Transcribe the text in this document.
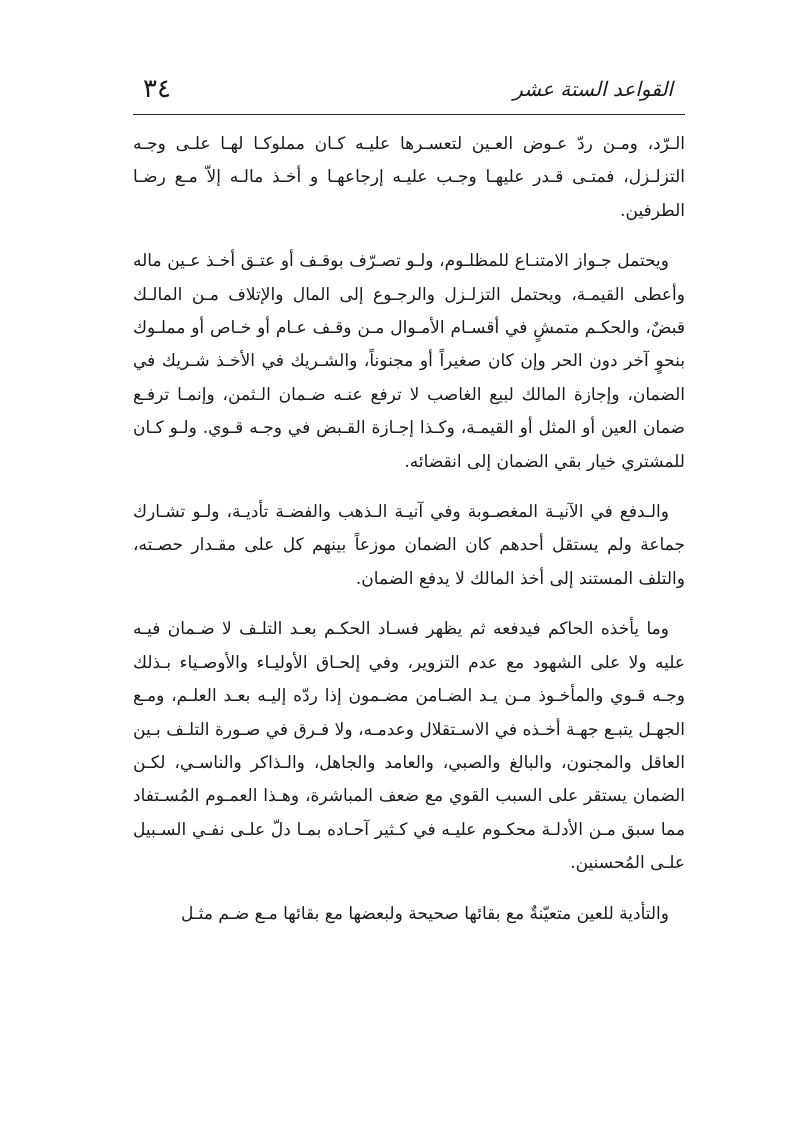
٣٤	القواعد الستة عشر

الـرّد، ومـن ردّ عـوض العـين لتعسـرها عليـه كـان مملوكـا لهـا علـى وجـه التزلـزل، فمتـى قـدر عليهـا وجـب عليـه إرجاعهـا و أخـذ مالـه إلاّ مـع رضـا الطرفين.

ويحتمل جـواز الامتنـاع للمظلـوم، ولـو تصـرّف بوقـف أو عتـق أخـذ عـين ماله وأعطى القيمـة، ويحتمل التزلـزل والرجـوع إلى المال والإتلاف مـن المالـك قبضٌ، والحكـم متمشٍ في أقسـام الأمـوال مـن وقـف عـام أو خـاص أو مملـوك بنحوٍ آخر دون الحر وإن كان صغيراً أو مجنوناً، والشـريك في الأخـذ شـريك في الضمان، وإجازة المالك لبيع الغاصب لا ترفع عنـه ضـمان الـثمن، وإنمـا ترفـع ضمان العين أو المثل أو القيمـة، وكـذا إجـازة القـبض في وجـه قـوي. ولـو كـان للمشتري خيار بقي الضمان إلى انقضائه.

والـدفع في الآنيـة المغصـوبة وفي آنيـة الـذهب والفضـة تأديـة، ولـو تشـارك جماعة ولم يستقل أحدهم كان الضمان موزعاً بينهم كل على مقـدار حصـته، والتلف المستند إلى أخذ المالك لا يدفع الضمان.

وما يأخذه الحاكم فيدفعه ثم يظهر فسـاد الحكـم بعـد التلـف لا ضـمان فيـه عليه ولا على الشهود مع عدم التزوير، وفي إلحـاق الأوليـاء والأوصـياء بـذلك وجـه قـوي والمأخـوذ مـن يـد الضـامن مضـمون إذا ردّه إليـه بعـد العلـم، ومـع الجهـل يتبـع جهـة أخـذه في الاسـتقلال وعدمـه، ولا فـرق في صـورة التلـف بـين العاقل والمجنون، والبالغ والصبي، والعامد والجاهل، والـذاكر والناسـي، لكـن الضمان يستقر على السبب القوي مع ضعف المباشرة، وهـذا العمـوم المُسـتفاد مما سبق مـن الأدلـة محكـوم عليـه في كـثير آحـاده بمـا دلّ علـى نفـي السـبيل علـى المُحسنين.

والتأدية للعين متعيّنةٌ مع بقائها صحيحة ولبعضها مع بقائها مـع ضـم مثـل
